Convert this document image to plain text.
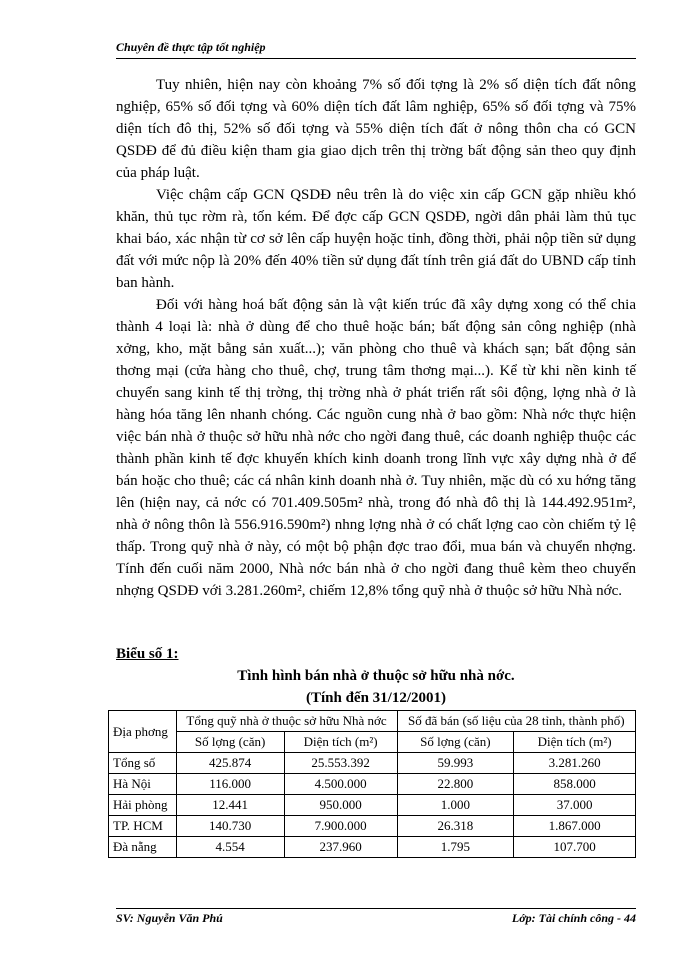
Chuyên đề thực tập tốt nghiệp

Tuy nhiên, hiện nay còn khoảng 7% số đối tợng là 2% số diện tích đất nông nghiệp, 65% số đối tợng và 60% diện tích đất lâm nghiệp, 65% số đối tợng và 75% diện tích đô thị, 52% số đối tợng và 55% diện tích đất ở nông thôn cha có GCN QSDĐ để đủ điều kiện tham gia giao dịch trên thị trờng bất động sản theo quy định của pháp luật.

Việc chậm cấp GCN QSDĐ nêu trên là do việc xin cấp GCN gặp nhiều khó khăn, thủ tục rờm rà, tốn kém. Để đợc cấp GCN QSDĐ, ngời dân phải làm thủ tục khai báo, xác nhận từ cơ sở lên cấp huyện hoặc tỉnh, đồng thời, phải nộp tiền sử dụng đất với mức nộp là 20% đến 40% tiền sử dụng đất tính trên giá đất do UBND cấp tỉnh ban hành.

Đối với hàng hoá bất động sản là vật kiến trúc đã xây dựng xong có thể chia thành 4 loại là: nhà ở dùng để cho thuê hoặc bán; bất động sản công nghiệp (nhà xởng, kho, mặt bằng sản xuất...); văn phòng cho thuê và khách sạn; bất động sản thơng mại (cửa hàng cho thuê, chợ, trung tâm thơng mại...). Kể từ khi nền kinh tế chuyển sang kinh tế thị trờng, thị trờng nhà ở phát triển rất sôi động, lợng nhà ở là hàng hóa tăng lên nhanh chóng. Các nguồn cung nhà ở bao gồm: Nhà nớc thực hiện việc bán nhà ở thuộc sở hữu nhà nớc cho ngời đang thuê, các doanh nghiệp thuộc các thành phần kinh tế đợc khuyến khích kinh doanh trong lĩnh vực xây dựng nhà ở để bán hoặc cho thuê; các cá nhân kinh doanh nhà ở. Tuy nhiên, mặc dù có xu hớng tăng lên (hiện nay, cả nớc có 701.409.505m² nhà, trong đó nhà đô thị là 144.492.951m², nhà ở nông thôn là 556.916.590m²) nhng lợng nhà ở có chất lợng cao còn chiếm tỷ lệ thấp. Trong quỹ nhà ở này, có một bộ phận đợc trao đổi, mua bán và chuyển nhợng. Tính đến cuối năm 2000, Nhà nớc bán nhà ở cho ngời đang thuê kèm theo chuyển nhợng QSDĐ với 3.281.260m², chiếm 12,8% tổng quỹ nhà ở thuộc sở hữu Nhà nớc.

Biểu số 1:
Tình hình bán nhà ở thuộc sở hữu nhà nớc.
(Tính đến 31/12/2001)
Địa phơng	Tổng quỹ nhà ở thuộc sở hữu Nhà nớc		Số đã bán (số liệu của 28 tỉnh, thành phố)	
	Số lợng (căn)	Diện tích (m²)	Số lợng (căn)	Diện tích (m²)
Tổng số	425.874	25.553.392	59.993	3.281.260
Hà Nội	116.000	4.500.000	22.800	858.000
Hải phòng	12.441	950.000	1.000	37.000
TP. HCM	140.730	7.900.000	26.318	1.867.000
Đà nẵng	4.554	237.960	1.795	107.700
SV: Nguyễn Văn Phú	Lớp: Tài chính công - 44
